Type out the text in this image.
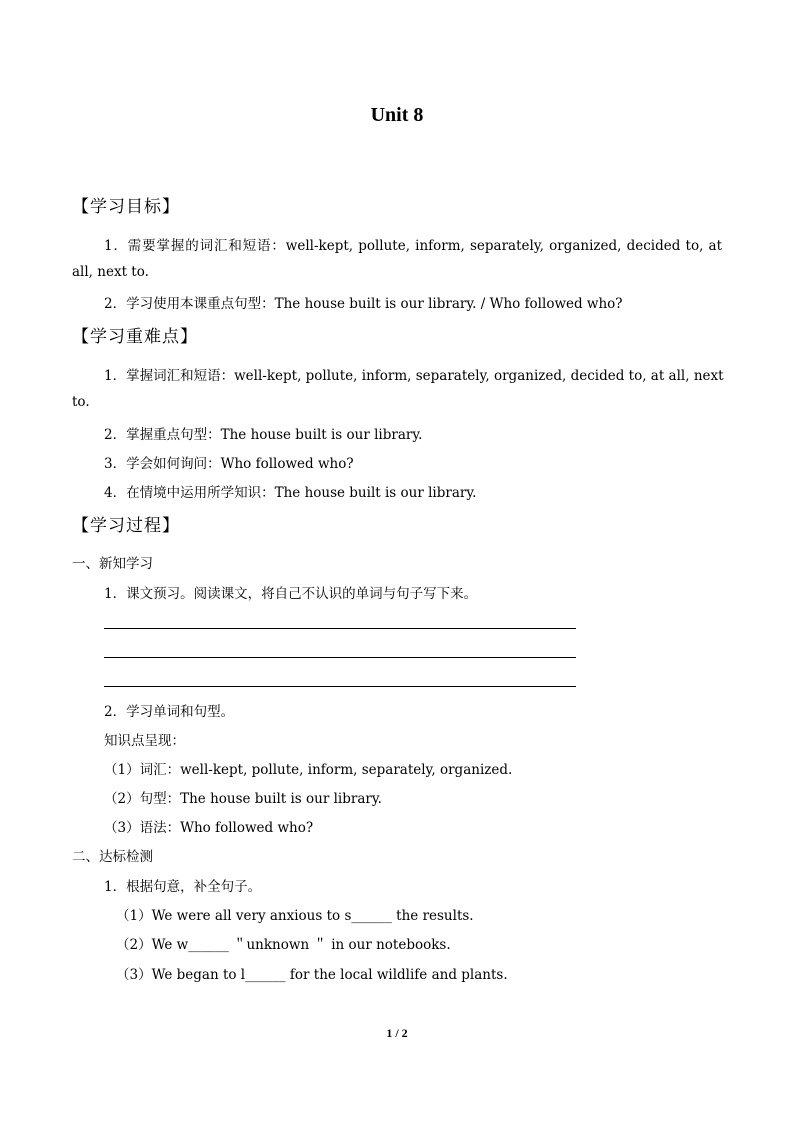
Unit 8
【学习目标】
1．需要掌握的词汇和短语：well-kept, pollute, inform, separately, organized, decided to, at
all, next to.
2．学习使用本课重点句型：The house built is our library. / Who followed who?
【学习重难点】
1．掌握词汇和短语：well-kept, pollute, inform, separately, organized, decided to, at all, next
to.
2．掌握重点句型：The house built is our library.
3．学会如何询问：Who followed who?
4．在情境中运用所学知识：The house built is our library.
【学习过程】
一、新知学习
1．课文预习。阅读课文，将自己不认识的单词与句子写下来。
2．学习单词和句型。
知识点呈现：
（1）词汇：well-kept, pollute, inform, separately, organized.
（2）句型：The house built is our library.
（3）语法：Who followed who?
二、达标检测
1．根据句意，补全句子。
（1）We were all very anxious to s______ the results.
（2）We w______ ＂unknown ＂ in our notebooks.
（3）We began to l______ for the local wildlife and plants.
1 / 2
